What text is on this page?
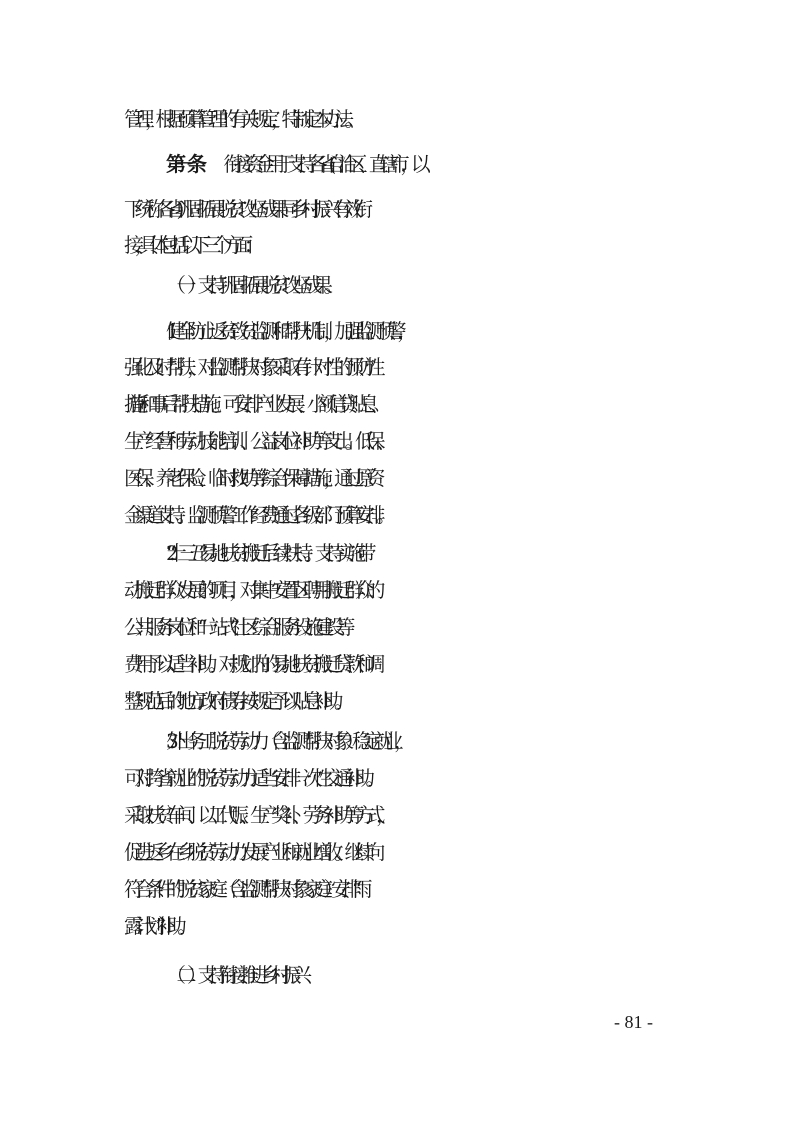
管理，根据预算管理的有关规定，特制定本办法。
第一条 衔接资金用于支持各省(自治区、直辖市，以
下统称各省)巩固拓展脱贫攻坚成果同乡村振兴有效衔
接，  具体包括以下三个方面：
（一）支持巩固拓展脱贫攻坚成果。
1.健全防止返贫致贫监测和帮扶机制，加强监测预警，
强化及时帮扶，对监测帮扶对象采取有针对性的预防性
措  施和事后帮扶措施。可安排产业发展、小额信贷贴息、
生产经营和劳动技能培训、公益岗位补助等支出。低保、
医保、养老保险、临时救助等综合保障措施，通过原资
金渠道支持。监测预警工作经费通过各级部门预算安排。
2.“十三五”易地扶贫搬迁后续扶持。支持实施带
动搬迁群众发展的项目，对集中安置区聘用搬迁群众的
公共服务岗位和“一站式”社区综合服务设施建设等
费用予以适当补助。对规划内的易地扶贫搬迁贷款和调
整规范后的地方政府债券按规定予以贴息补助。
3.外出务工脱贫劳动力（含监测帮扶对象） 稳定就业，
可对跨省就业的脱贫劳动力适当安排一次性交通补助。
采取扶贫车间、以工代赈、生产奖补、劳务补助等方式，
促进返乡在乡脱贫劳动力发展产业和就业增收。继续向
符合条件的脱贫家庭（含监测帮扶对象家庭） 安排“雨
露计划”补助。
（二）支持衔接推进乡村振兴
- 81 -
